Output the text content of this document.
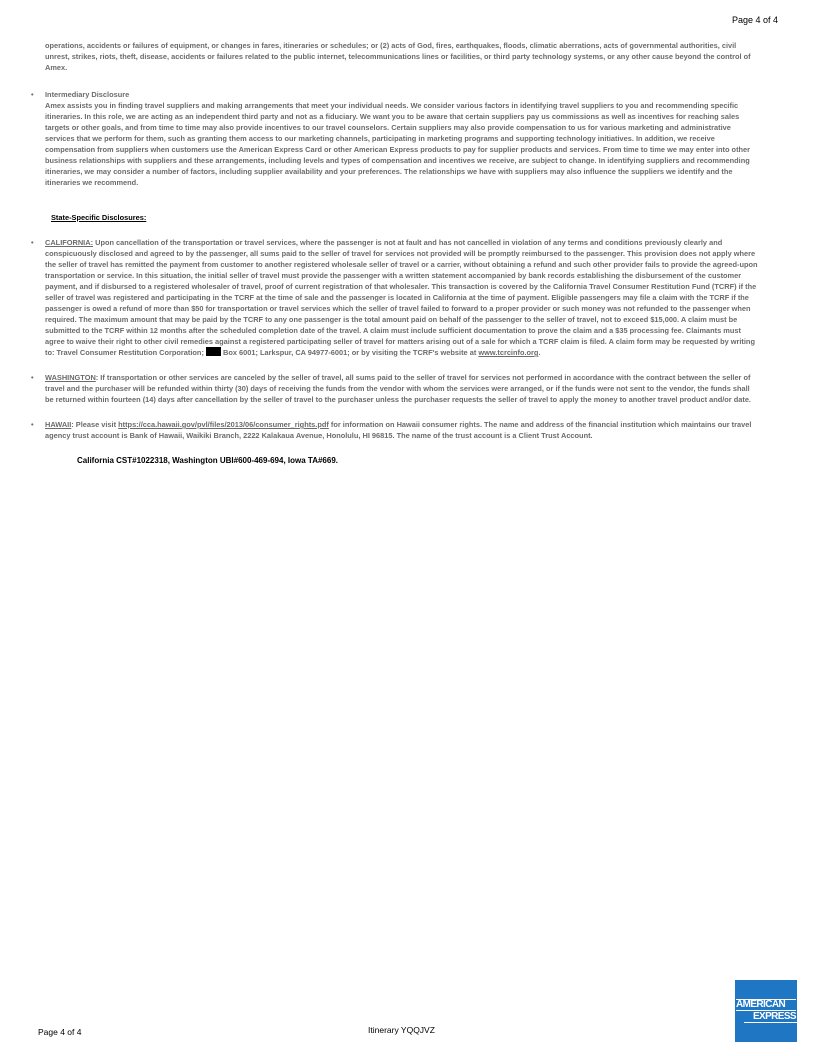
Page 4 of 4

operations, accidents or failures of equipment, or changes in fares, itineraries or schedules; or (2) acts of God, fires, earthquakes, floods, climatic aberrations, acts of governmental authorities, civil unrest, strikes, riots, theft, disease, accidents or failures related to the public internet, telecommunications lines or facilities, or third party technology systems, or any other cause beyond the control of Amex.

• Intermediary Disclosure
Amex assists you in finding travel suppliers and making arrangements that meet your individual needs. We consider various factors in identifying travel suppliers to you and recommending specific itineraries. In this role, we are acting as an independent third party and not as a fiduciary. We want you to be aware that certain suppliers pay us commissions as well as incentives for reaching sales targets or other goals, and from time to time may also provide incentives to our travel counselors. Certain suppliers may also provide compensation to us for various marketing and administrative services that we perform for them, such as granting them access to our marketing channels, participating in marketing programs and supporting technology initiatives. In addition, we receive compensation from suppliers when customers use the American Express Card or other American Express products to pay for supplier products and services. From time to time we may enter into other business relationships with suppliers and these arrangements, including levels and types of compensation and incentives we receive, are subject to change. In identifying suppliers and recommending itineraries, we may consider a number of factors, including supplier availability and your preferences. The relationships we have with suppliers may also influence the suppliers we identify and the itineraries we recommend.
State-Specific Disclosures:
• CALIFORNIA: Upon cancellation of the transportation or travel services, where the passenger is not at fault and has not cancelled in violation of any terms and conditions previously clearly and conspicuously disclosed and agreed to by the passenger, all sums paid to the seller of travel for services not provided will be promptly reimbursed to the passenger. This provision does not apply where the seller of travel has remitted the payment from customer to another registered wholesale seller of travel or a carrier, without obtaining a refund and such other provider fails to provide the agreed-upon transportation or service. In this situation, the initial seller of travel must provide the passenger with a written statement accompanied by bank records establishing the disbursement of the customer payment, and if disbursed to a registered wholesaler of travel, proof of current registration of that wholesaler. This transaction is covered by the California Travel Consumer Restitution Fund (TCRF) if the seller of travel was registered and participating in the TCRF at the time of sale and the passenger is located in California at the time of payment. Eligible passengers may file a claim with the TCRF if the passenger is owed a refund of more than $50 for transportation or travel services which the seller of travel failed to forward to a proper provider or such money was not refunded to the passenger when required. The maximum amount that may be paid by the TCRF to any one passenger is the total amount paid on behalf of the passenger to the seller of travel, not to exceed $15,000. A claim must be submitted to the TCRF within 12 months after the scheduled completion date of the travel. A claim must include sufficient documentation to prove the claim and a $35 processing fee. Claimants must agree to waive their right to other civil remedies against a registered participating seller of travel for matters arising out of a sale for which a TCRF claim is filed. A claim form may be requested by writing to: Travel Consumer Restitution Corporation;  Box 6001; Larkspur, CA 94977-6001; or by visiting the TCRF's website at www.tcrcinfo.org.
• WASHINGTON: If transportation or other services are canceled by the seller of travel, all sums paid to the seller of travel for services not performed in accordance with the contract between the seller of travel and the purchaser will be refunded within thirty (30) days of receiving the funds from the vendor with whom the services were arranged, or if the funds were not sent to the vendor, the funds shall be returned within fourteen (14) days after cancellation by the seller of travel to the purchaser unless the purchaser requests the seller of travel to apply the money to another travel product and/or date.
• HAWAII: Please visit https://cca.hawaii.gov/pvl/files/2013/06/consumer_rights.pdf for information on Hawaii consumer rights. The name and address of the financial institution which maintains our travel agency trust account is Bank of Hawaii, Waikiki Branch, 2222 Kalakaua Avenue, Honolulu, HI 96815. The name of the trust account is a Client Trust Account.
California CST#1022318, Washington UBI#600-469-694, Iowa TA#669.
Page 4 of 4	Itinerary YQQJVZ
AMERICAN
EXPRESS
